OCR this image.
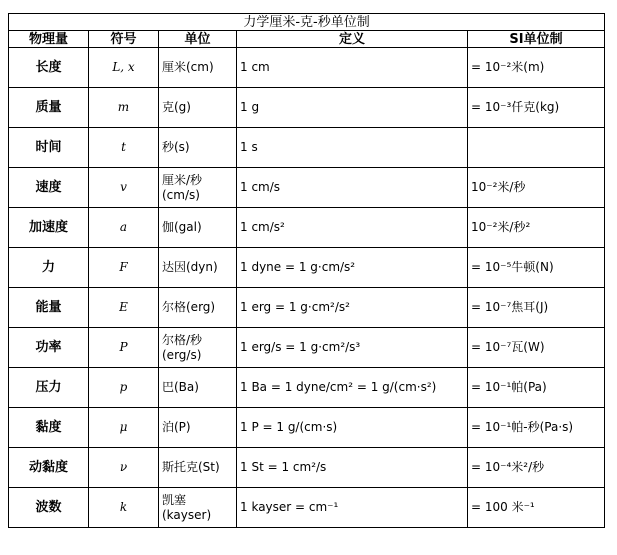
力学厘米-克-秒单位制				
物理量	符号	单位	定义	SI单位制
长度	L, x	厘米(cm)	1 cm	= 10⁻²米(m)
质量	m	克(g)	1 g	= 10⁻³仟克(kg)
时间	t	秒(s)	1 s	
速度	v	厘米/秒 (cm/s)	1 cm/s	10⁻²米/秒
加速度	a	伽(gal)	1 cm/s²	10⁻²米/秒²
力	F	达因(dyn)	1 dyne = 1 g·cm/s²	= 10⁻⁵牛顿(N)
能量	E	尔格(erg)	1 erg = 1 g·cm²/s²	= 10⁻⁷焦耳(J)
功率	P	尔格/秒 (erg/s)	1 erg/s = 1 g·cm²/s³	= 10⁻⁷瓦(W)
压力	p	巴(Ba)	1 Ba = 1 dyne/cm² = 1 g/(cm·s²)	= 10⁻¹帕(Pa)
黏度	μ	泊(P)	1 P = 1 g/(cm·s)	= 10⁻¹帕-秒(Pa·s)
动黏度	ν	斯托克(St)	1 St = 1 cm²/s	= 10⁻⁴米²/秒
波数	k	凯塞 (kayser)	1 kayser = cm⁻¹	= 100 米⁻¹
